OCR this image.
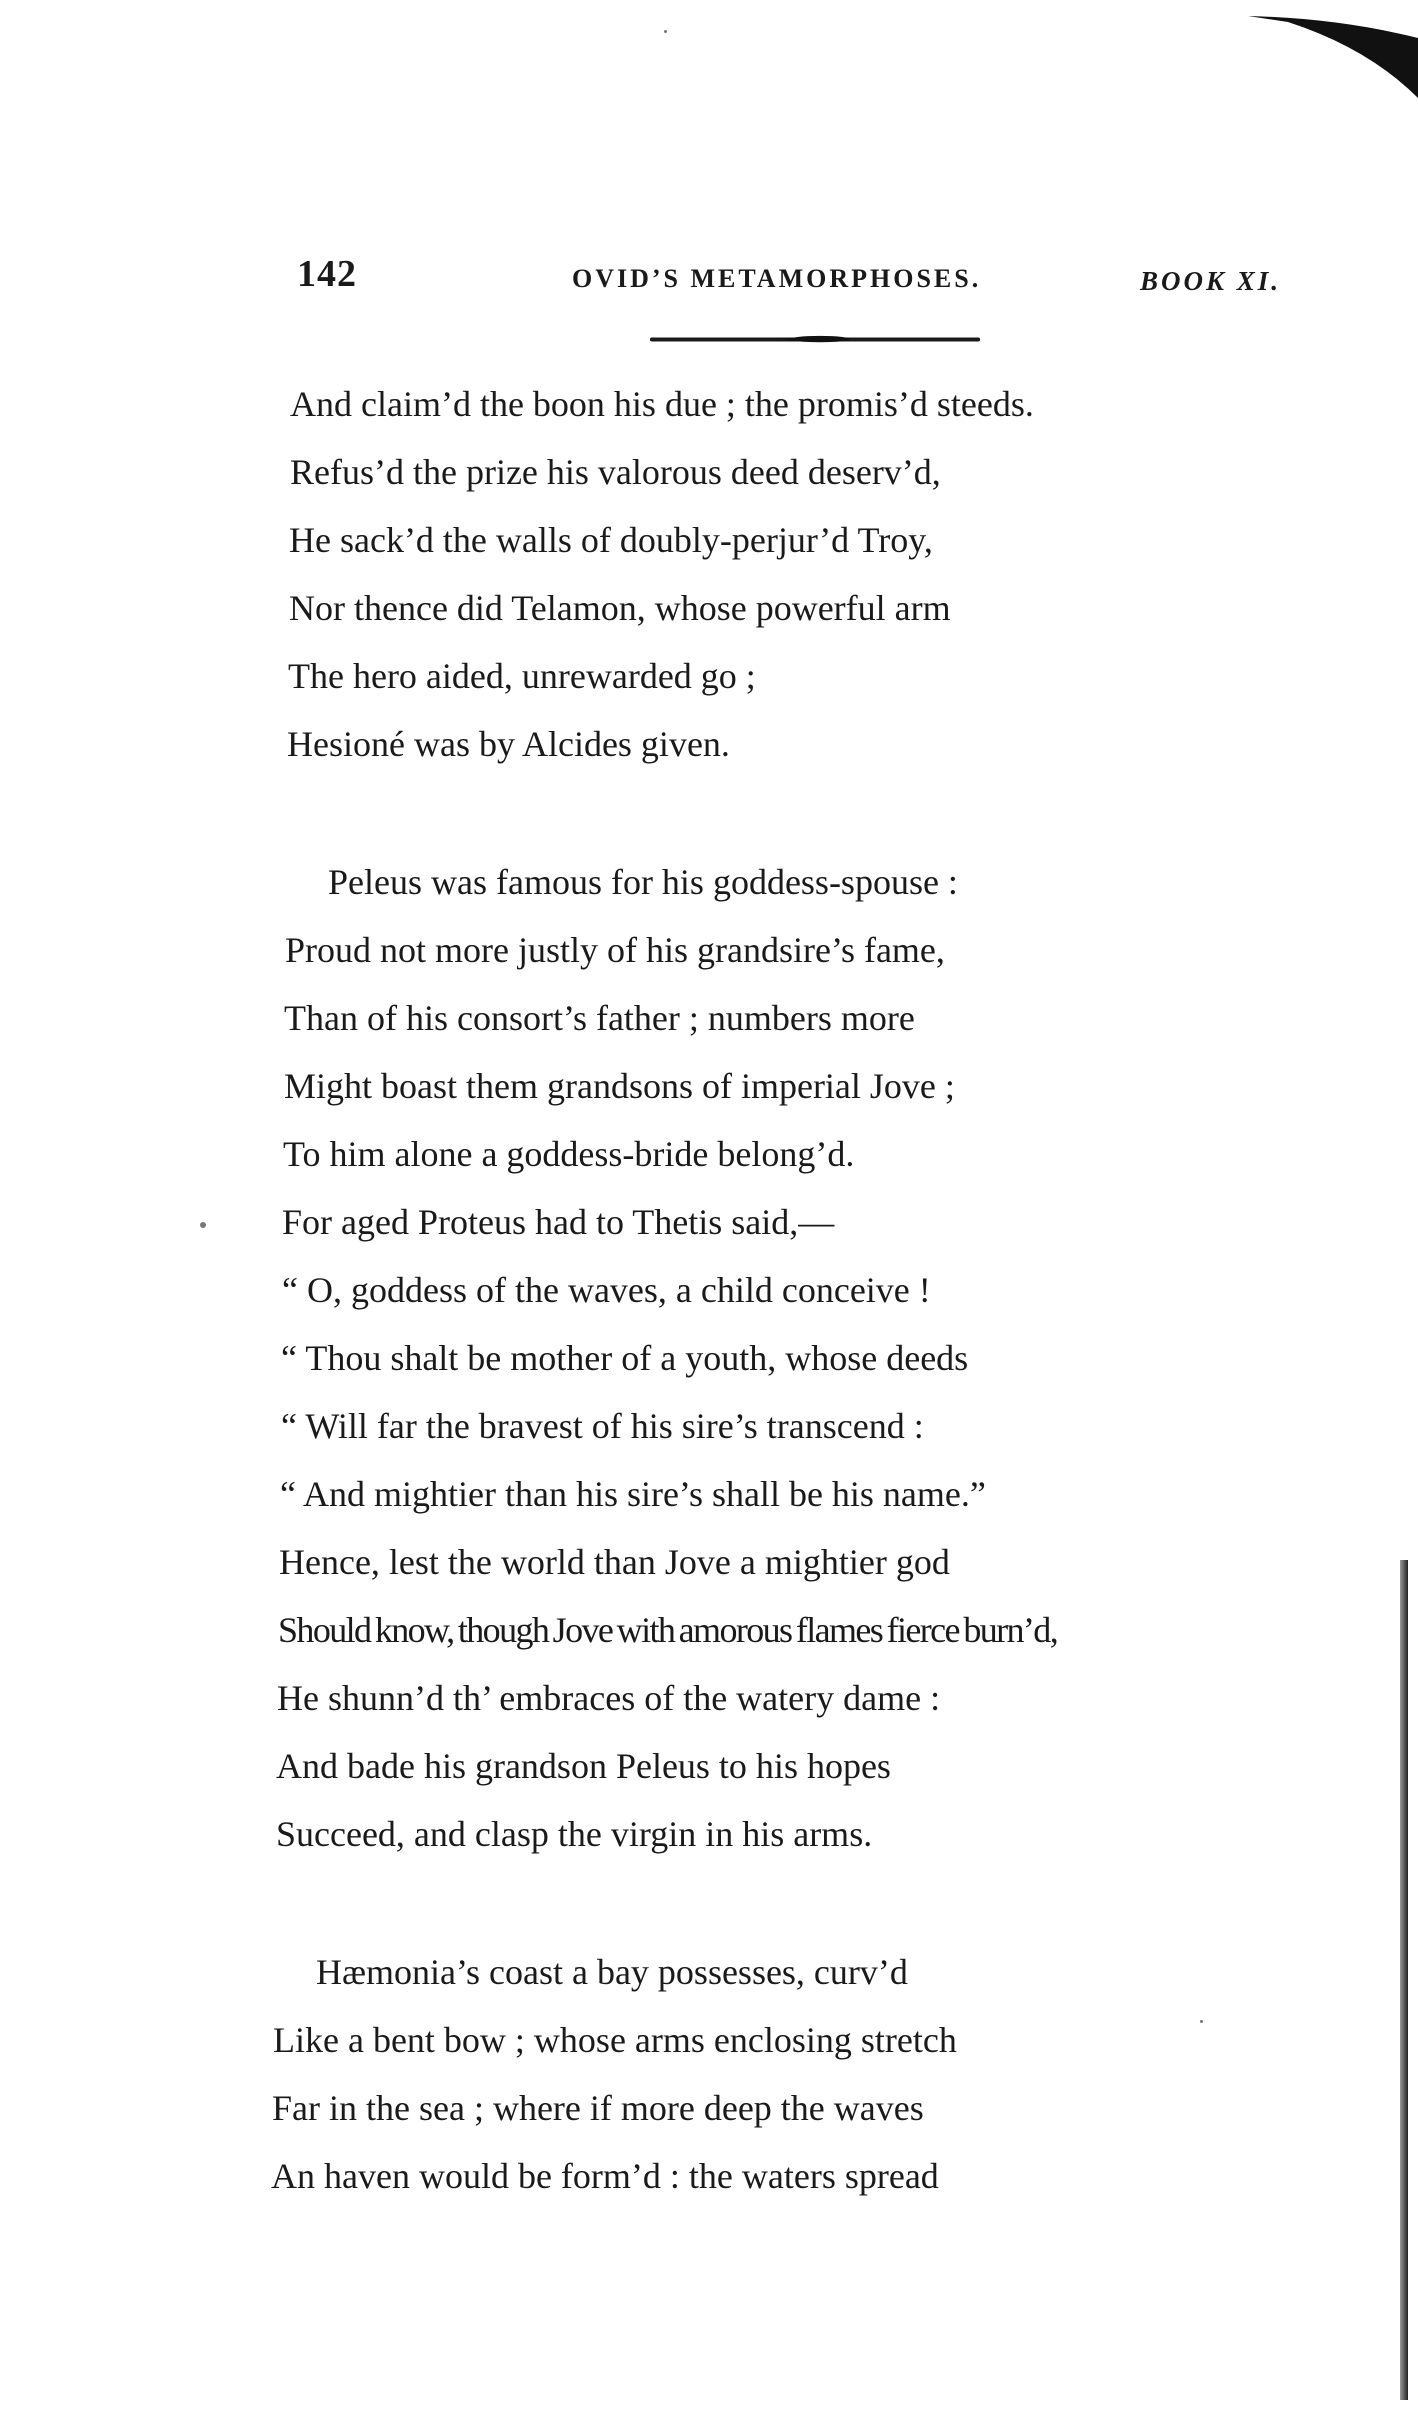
142	OVID’S METAMORPHOSES.	BOOK XI.
And claim’d the boon his due ; the promis’d steeds.
Refus’d the prize his valorous deed deserv’d,
He sack’d the walls of doubly-perjur’d Troy,
Nor thence did Telamon, whose powerful arm
The hero aided, unrewarded go ;
Hesioné was by Alcides given.
Peleus was famous for his goddess-spouse :
Proud not more justly of his grandsire’s fame,
Than of his consort’s father ; numbers more
Might boast them grandsons of imperial Jove ;
To him alone a goddess-bride belong’d.
For aged Proteus had to Thetis said,—
“ O, goddess of the waves, a child conceive !
“ Thou shalt be mother of a youth, whose deeds
“ Will far the bravest of his sire’s transcend :
“ And mightier than his sire’s shall be his name.”
Hence, lest the world than Jove a mightier god
Should know, though Jove with amorous flames fierce burn’d,
He shunn’d th’ embraces of the watery dame :
And bade his grandson Peleus to his hopes
Succeed, and clasp the virgin in his arms.
Hæmonia’s coast a bay possesses, curv’d
Like a bent bow ; whose arms enclosing stretch
Far in the sea ; where if more deep the waves
An haven would be form’d : the waters spread
